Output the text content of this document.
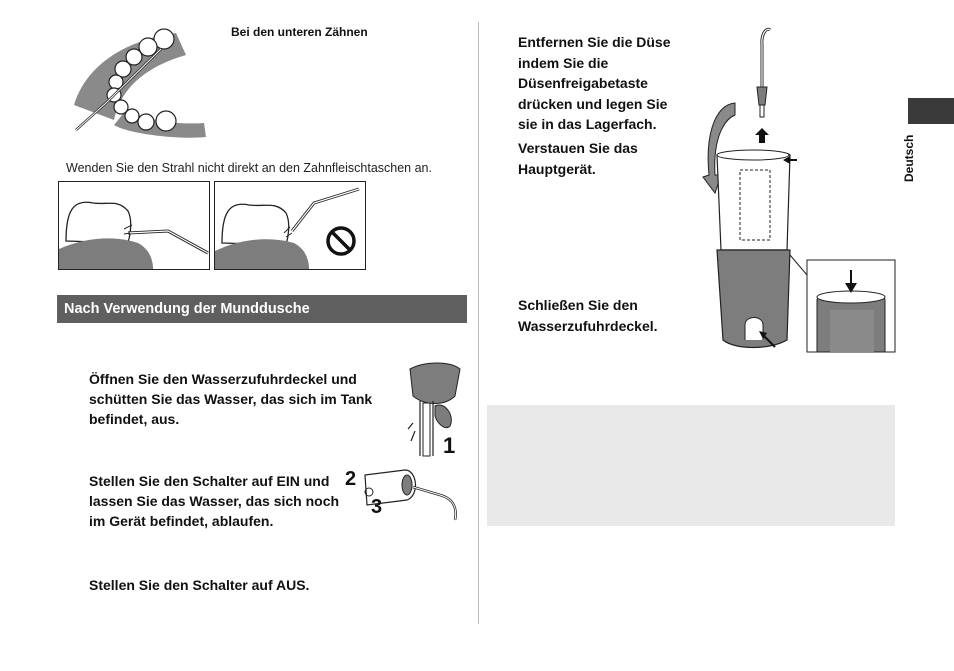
Bei den unteren Zähnen
Wenden Sie den Strahl nicht direkt an den Zahnfleischtaschen an.
Nach Verwendung der Munddusche
Öffnen Sie den Wasserzufuhrdeckel und schütten Sie das Wasser, das sich im Tank befindet, aus.
Stellen Sie den Schalter auf EIN und lassen Sie das Wasser, das sich noch im Gerät befindet, ablaufen.
Stellen Sie den Schalter auf AUS.
1
2
3
Entfernen Sie die Düse indem Sie die Düsenfreigabetaste drücken und legen Sie sie in das Lagerfach.
Verstauen Sie das Hauptgerät.
Schließen Sie den Wasserzufuhrdeckel.
Deutsch
